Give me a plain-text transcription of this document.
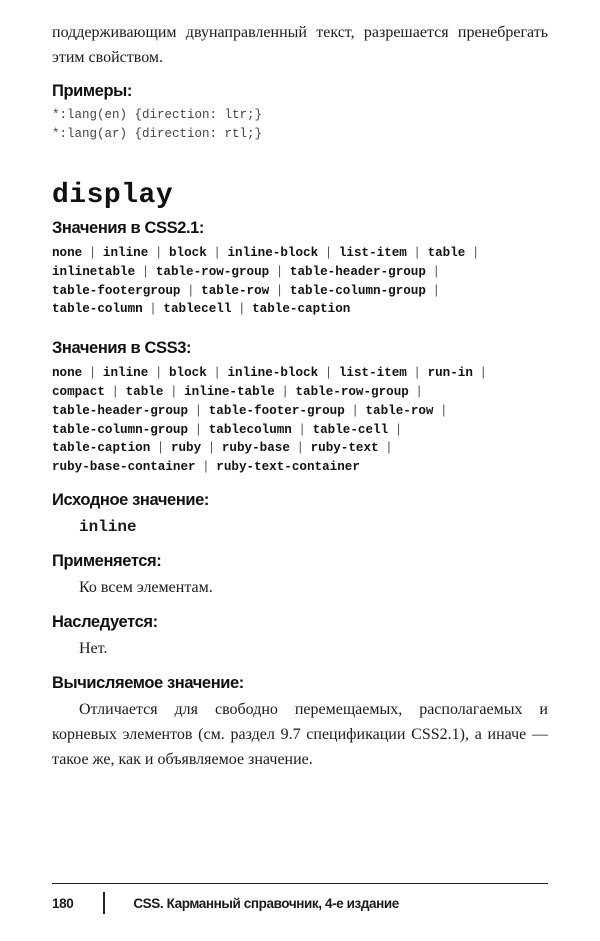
поддерживающим двунаправленный текст, разрешается пренебрегать этим свойством.

Примеры:

*:lang(en) {direction: ltr;}

*:lang(ar) {direction: rtl;}

display
Значения в CSS2.1:

none | inline | block | inline-block | list-item | table |

inlinetable | table-row-group | table-header-group |

table-footergroup | table-row | table-column-group |

table-column | tablecell | table-caption

Значения в CSS3:

none | inline | block | inline-block | list-item | run-in |

compact | table | inline-table | table-row-group |

table-header-group | table-footer-group | table-row |

table-column-group | tablecolumn | table-cell |

table-caption | ruby | ruby-base | ruby-text |

ruby-base-container | ruby-text-container

Исходное значение:

inline

Применяется:

Ко всем элементам.

Наследуется:

Нет.

Вычисляемое значение:

Отличается для свободно перемещаемых, располагаемых и корневых элементов (см. раздел 9.7 спецификации CSS2.1), а иначе — такое же, как и объявляемое значение.

180	CSS. Карманный справочник, 4-е издание
